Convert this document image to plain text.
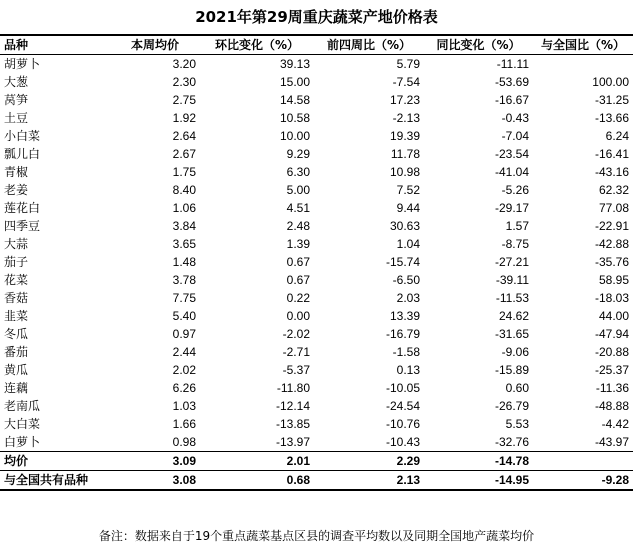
2021年第29周重庆蔬菜产地价格表
品种	本周均价	环比变化（%）	前四周比（%）	同比变化（%）	与全国比（%）
胡萝卜	3.20	39.13	5.79	-11.11	
大葱	2.30	15.00	-7.54	-53.69	100.00
莴笋	2.75	14.58	17.23	-16.67	-31.25
土豆	1.92	10.58	-2.13	-0.43	-13.66
小白菜	2.64	10.00	19.39	-7.04	6.24
瓢儿白	2.67	9.29	11.78	-23.54	-16.41
青椒	1.75	6.30	10.98	-41.04	-43.16
老姜	8.40	5.00	7.52	-5.26	62.32
莲花白	1.06	4.51	9.44	-29.17	77.08
四季豆	3.84	2.48	30.63	1.57	-22.91
大蒜	3.65	1.39	1.04	-8.75	-42.88
茄子	1.48	0.67	-15.74	-27.21	-35.76
花菜	3.78	0.67	-6.50	-39.11	58.95
香菇	7.75	0.22	2.03	-11.53	-18.03
韭菜	5.40	0.00	13.39	24.62	44.00
冬瓜	0.97	-2.02	-16.79	-31.65	-47.94
番茄	2.44	-2.71	-1.58	-9.06	-20.88
黄瓜	2.02	-5.37	0.13	-15.89	-25.37
连藕	6.26	-11.80	-10.05	0.60	-11.36
老南瓜	1.03	-12.14	-24.54	-26.79	-48.88
大白菜	1.66	-13.85	-10.76	5.53	-4.42
白萝卜	0.98	-13.97	-10.43	-32.76	-43.97
均价	3.09	2.01	2.29	-14.78	
与全国共有品种	3.08	0.68	2.13	-14.95	-9.28
备注：数据来自于19个重点蔬菜基点区县的调查平均数以及同期全国地产蔬菜均价
